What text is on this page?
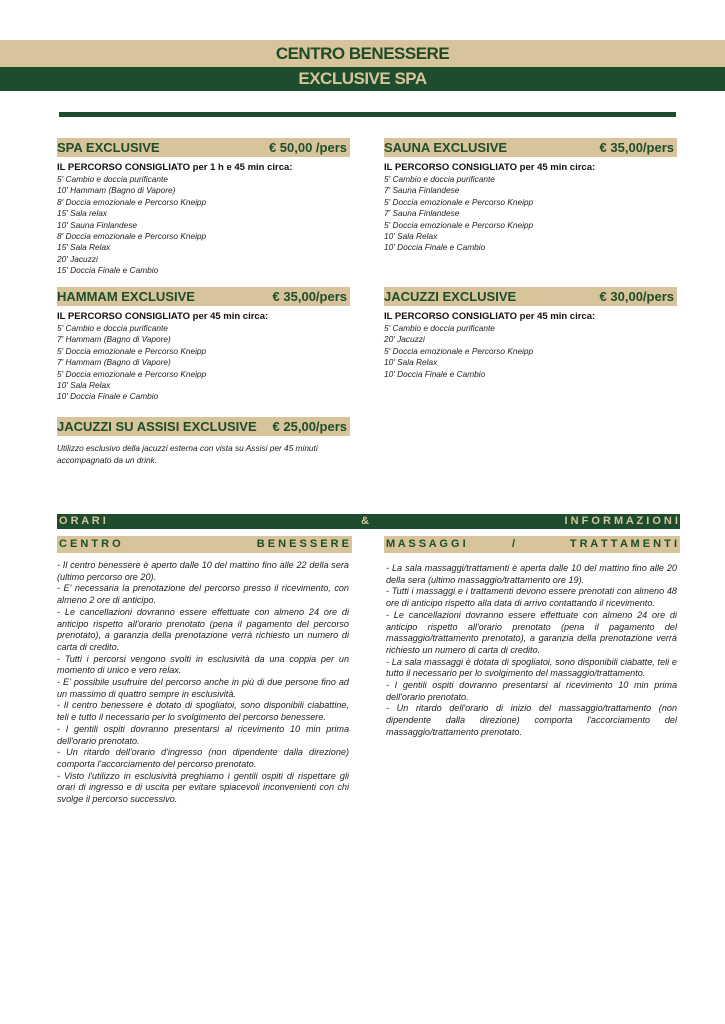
CENTRO BENESSERE
EXCLUSIVE SPA
SPA EXCLUSIVE	€ 50,00 /pers
IL PERCORSO CONSIGLIATO per 1 h e 45 min circa:
5' Cambio e doccia purificante
10' Hammam (Bagno di Vapore)
8' Doccia emozionale e Percorso Kneipp
15' Sala relax
10' Sauna Finlandese
8' Doccia emozionale e Percorso Kneipp
15' Sala Relax
20' Jacuzzi
15' Doccia Finale e Cambio
SAUNA EXCLUSIVE	€ 35,00/pers
IL PERCORSO CONSIGLIATO per 45 min circa:
5' Cambio e doccia purificante
7' Sauna Finlandese
5' Doccia emozionale e Percorso Kneipp
7' Sauna Finlandese
5' Doccia emozionale e Percorso Kneipp
10' Sala Relax
10' Doccia Finale e Cambio
HAMMAM EXCLUSIVE	€ 35,00/pers
IL PERCORSO CONSIGLIATO per 45 min circa:
5' Cambio e doccia purificante
7' Hammam (Bagno di Vapore)
5' Doccia emozionale e Percorso Kneipp
7' Hammam (Bagno di Vapore)
5' Doccia emozionale e Percorso Kneipp
10' Sala Relax
10' Doccia Finale e Cambio
JACUZZI EXCLUSIVE	€ 30,00/pers
IL PERCORSO CONSIGLIATO per 45 min circa:
5' Cambio e doccia purificante
20' Jacuzzi
5' Doccia emozionale e Percorso Kneipp
10' Sala Relax
10' Doccia Finale e Cambio
JACUZZI SU ASSISI EXCLUSIVE € 25,00/pers
Utilizzo esclusivo della jacuzzi esterna con vista su Assisi per 45 minuti accompagnato da un drink.
O R A R I	&	I N F O R M A Z I O N I
C E N T R O	B E N E S S E R E	M A S S A G G I	/	T R A T T A M E N T I

- Il centro benessere è aperto dalle 10 del mattino fino alle 22 della sera (ultimo percorso ore 20).

- E' necessaria la prenotazione del percorso presso il ricevimento, con almeno 2 ore di anticipo.

- Le cancellazioni dovranno essere effettuate con almeno 24 ore di anticipo rispetto all'orario prenotato (pena il pagamento del percorso prenotato), a garanzia della prenotazione verrà richiesto un numero di carta di credito.

- Tutti i percorsi vengono svolti in esclusività da una coppia per un momento di unico e vero relax.

- E' possibile usufruire del percorso anche in più di due persone fino ad un massimo di quattro sempre in esclusività.

- Il centro benessere è dotato di spogliatoi, sono disponibili ciabattine, teli e tutto il necessario per lo svolgimento del percorso benessere.

- I gentili ospiti dovranno presentarsi al ricevimento 10 min prima dell'orario prenotato.

- Un ritardo dell'orario d'ingresso (non dipendente dalla direzione) comporta l'accorciamento del percorso prenotato.

- Visto l'utilizzo in esclusività preghiamo i gentili ospiti di rispettare gli orari di ingresso e di uscita per evitare spiacevoli inconvenienti con chi svolge il percorso successivo.

- La sala massaggi/trattamenti è aperta dalle 10 del mattino fino alle 20 della sera (ultimo massaggio/trattamento ore 19).

- Tutti i massaggi e i trattamenti devono essere prenotati con almeno 48 ore di anticipo rispetto alla data di arrivo contattando il ricevimento.

- Le cancellazioni dovranno essere effettuate con almeno 24 ore di anticipo rispetto all'orario prenotato (pena il pagamento del massaggio/trattamento prenotato), a garanzia della prenotazione verrà richiesto un numero di carta di credito.

- La sala massaggi è dotata di spogliatoi, sono disponibili ciabatte, teli e tutto il necessario per lo svolgimento del massaggio/trattamento.

- I gentili ospiti dovranno presentarsi al ricevimento 10 min prima dell'orario prenotato.

- Un ritardo dell'orario di inizio del massaggio/trattamento (non dipendente dalla direzione) comporta l'accorciamento del massaggio/trattamento prenotato.
